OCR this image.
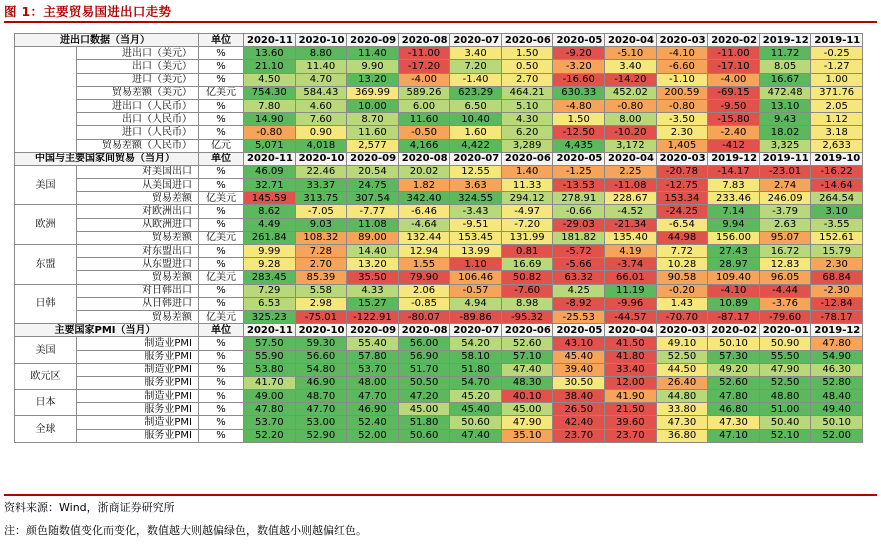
图 1：主要贸易国进出口走势
进出口数据（当月）		单位	2020-11	2020-10	2020-09	2020-08	2020-07	2020-06	2020-05	2020-04	2020-03	2020-02	2019-12	2019-11
	进出口（美元）	%	13.60	8.80	11.40	-11.00	3.40	1.50	-9.20	-5.10	-4.10	-11.00	11.72	-0.25
	出口（美元）	%	21.10	11.40	9.90	-17.20	7.20	0.50	-3.20	3.40	-6.60	-17.10	8.05	-1.27
	进口（美元）	%	4.50	4.70	13.20	-4.00	-1.40	2.70	-16.60	-14.20	-1.10	-4.00	16.67	1.00
	贸易差额（美元）	亿美元	754.30	584.43	369.99	589.26	623.29	464.21	630.33	452.02	200.59	-69.15	472.48	371.76
	进出口（人民币）	%	7.80	4.60	10.00	6.00	6.50	5.10	-4.80	-0.80	-0.80	-9.50	13.10	2.05
	出口（人民币）	%	14.90	7.60	8.70	11.60	10.40	4.30	1.50	8.00	-3.50	-15.80	9.43	1.12
	进口（人民币）	%	-0.80	0.90	11.60	-0.50	1.60	6.20	-12.50	-10.20	2.30	-2.40	18.02	3.18
	贸易差额（人民币）	亿元	5,071	4,018	2,577	4,166	4,422	3,289	4,435	3,172	1,405	-412	3,325	2,633
中国与主要国家间贸易（当月）		单位	2020-11	2020-10	2020-09	2020-08	2020-07	2020-06	2020-05	2020-04	2020-03	2019-12	2019-11	2019-10
美国	对美国出口	%	46.09	22.46	20.54	20.02	12.55	1.40	-1.25	2.25	-20.78	-14.17	-23.01	-16.22
	从美国进口	%	32.71	33.37	24.75	1.82	3.63	11.33	-13.53	-11.08	-12.75	7.83	2.74	-14.64
	贸易差额	亿美元	145.59	313.75	307.54	342.40	324.55	294.12	278.91	228.67	153.34	233.46	246.09	264.54
欧洲	对欧洲出口	%	8.62	-7.05	-7.77	-6.46	-3.43	-4.97	-0.66	-4.52	-24.25	7.14	-3.79	3.10
	从欧洲进口	%	4.49	9.03	11.08	-4.64	-9.51	-7.20	-29.03	-21.34	-6.54	9.94	2.63	-3.55
	贸易差额	亿美元	261.84	108.32	89.00	132.44	153.45	131.99	181.82	135.40	44.98	156.00	95.07	152.61
东盟	对东盟出口	%	9.99	7.28	14.40	12.94	13.99	0.81	-5.72	4.19	7.72	27.43	16.72	15.79
	从东盟进口	%	9.28	2.70	13.20	1.55	1.10	16.69	-5.66	-3.74	10.28	28.97	12.83	2.30
	贸易差额	亿美元	283.45	85.39	35.50	79.90	106.46	50.82	63.32	66.01	90.58	109.40	96.05	68.84
日韩	对日韩出口	%	7.29	5.58	4.33	2.06	-0.57	-7.60	4.25	11.19	-0.20	-4.10	-4.44	-2.30
	从日韩进口	%	6.53	2.98	15.27	-0.85	4.94	8.98	-8.92	-9.96	1.43	10.89	-3.76	-12.84
	贸易差额	亿美元	325.23	-75.01	-122.91	-80.07	-89.86	-95.32	-25.53	-44.57	-70.70	-87.17	-79.60	-78.17
主要国家PMI（当月）		单位	2020-11	2020-10	2020-09	2020-08	2020-07	2020-06	2020-05	2020-04	2020-03	2020-02	2020-01	2019-12
美国	制造业PMI	%	57.50	59.30	55.40	56.00	54.20	52.60	43.10	41.50	49.10	50.10	50.90	47.80
	服务业PMI	%	55.90	56.60	57.80	56.90	58.10	57.10	45.40	41.80	52.50	57.30	55.50	54.90
欧元区	制造业PMI	%	53.80	54.80	53.70	51.70	51.80	47.40	39.40	33.40	44.50	49.20	47.90	46.30
	服务业PMI	%	41.70	46.90	48.00	50.50	54.70	48.30	30.50	12.00	26.40	52.60	52.50	52.80
日本	制造业PMI	%	49.00	48.70	47.70	47.20	45.20	40.10	38.40	41.90	44.80	47.80	48.80	48.40
	服务业PMI	%	47.80	47.70	46.90	45.00	45.40	45.00	26.50	21.50	33.80	46.80	51.00	49.40
全球	制造业PMI	%	53.70	53.00	52.40	51.80	50.60	47.90	42.40	39.60	47.30	47.30	50.40	50.10
	服务业PMI	%	52.20	52.90	52.00	50.60	47.40	35.10	23.70	23.70	36.80	47.10	52.10	52.00
资料来源：Wind，浙商证券研究所
注：颜色随数值变化而变化，数值越大则越偏绿色，数值越小则越偏红色。
